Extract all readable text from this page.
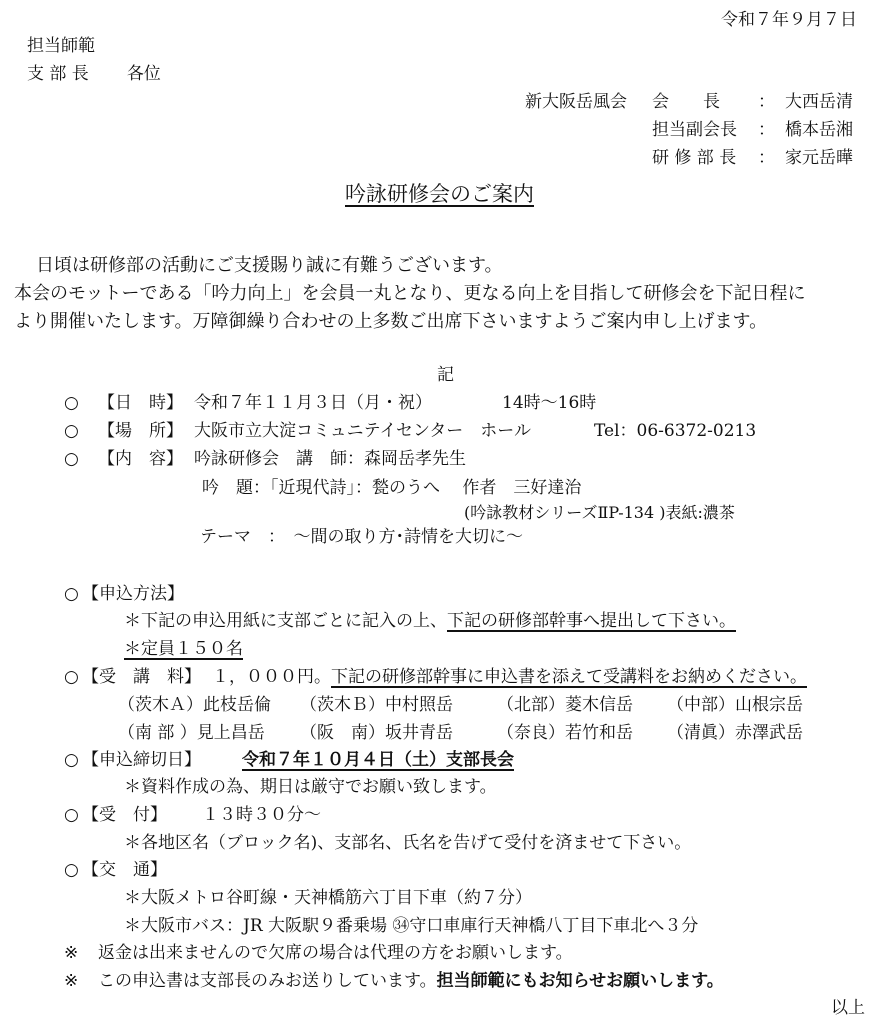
令和７年９月７日
担当師範
支 部 長 各位
新大阪岳風会 会　　長 ： 大西岳清
担当副会長 ： 橋本岳湘
研 修 部 長 ： 家元岳曄
吟詠研修会のご案内
日頃は研修部の活動にご支援賜り誠に有難うございます。
本会のモットーである「吟力向上」を会員一丸となり、更なる向上を目指して研修会を下記日程に
より開催いたします。万障御繰り合わせの上多数ご出席下さいますようご案内申し上げます。
記
○ 【日　時】 令和７年１１月３日（月・祝）	14時～16時
○ 【場　所】 大阪市立大淀コミュニテイセンター　ホール	Tel：06-6372-0213
○ 【内　容】 吟詠研修会　講　師：森岡岳孝先生
吟　題：「近現代詩」：甃のうへ　 作者　三好達治
(吟詠教材シリーズⅡP-134 )表紙:濃茶
テーマ　：　～間の取り方･詩情を大切に～
○ 【申込方法】
＊下記の申込用紙に支部ごとに記入の上、下記の研修部幹事へ提出して下さい。
＊定員１５０名
○ 【受　講　料】 １，０００円。下記の研修部幹事に申込書を添えて受講料をお納めください。
（茨木Ａ）此枝岳倫 （茨木Ｂ）中村照岳	（北部）菱木信岳 （中部）山根宗岳
（南 部 ）見上昌岳 （阪　南）坂井青岳	（奈良）若竹和岳 （清眞）赤澤武岳
○ 【申込締切日】 令和７年１０月４日（土）支部長会
＊資料作成の為、期日は厳守でお願い致します。
○ 【受　付】 １３時３０分～
＊各地区名（ブロック名)、支部名、氏名を告げて受付を済ませて下さい。
○ 【交　通】
＊大阪メトロ谷町線・天神橋筋六丁目下車（約７分）
＊大阪市バス：JR 大阪駅９番乗場 ㉞守口車庫行天神橋八丁目下車北へ３分
※ 返金は出来ませんので欠席の場合は代理の方をお願いします。
※ この申込書は支部長のみお送りしています。担当師範にもお知らせお願いします。
以上
